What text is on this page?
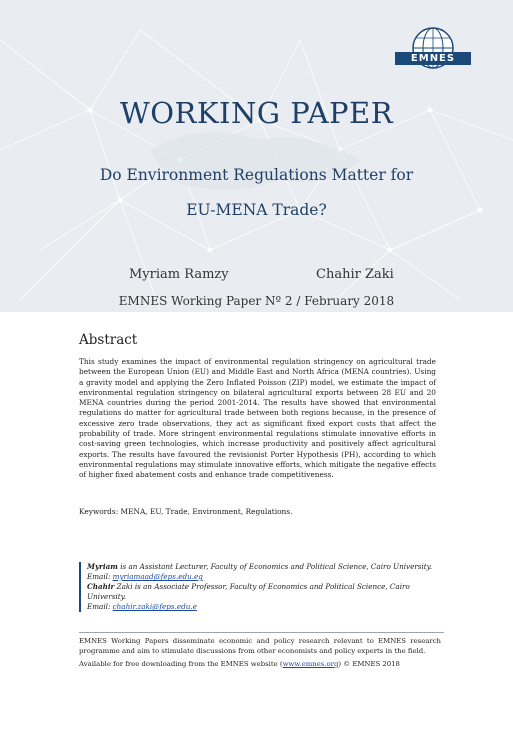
EMNES
WORKING PAPER
Do Environment Regulations Matter for
EU-MENA Trade?
Myriam Ramzy	Chahir Zaki
EMNES Working Paper Nº 2 / February 2018
Abstract
This study examines the impact of environmental regulation stringency on agricultural trade between the European Union (EU) and Middle East and North Africa (MENA countries). Using a gravity model and applying the Zero Inflated Poisson (ZIP) model, we estimate the impact of environmental regulation stringency on bilateral agricultural exports between 28 EU and 20 MENA countries during the period 2001-2014. The results have showed that environmental regulations do matter for agricultural trade between both regions because, in the presence of excessive zero trade observations, they act as significant fixed export costs that affect the probability of trade. More stringent environmental regulations stimulate innovative efforts in cost-saving green technologies, which increase productivity and positively affect agricultural exports. The results have favoured the revisionist Porter Hypothesis (PH), according to which environmental regulations may stimulate innovative efforts, which mitigate the negative effects of higher fixed abatement costs and enhance trade competitiveness.
Keywords: MENA, EU, Trade, Environment, Regulations.
Myriam is an Assistant Lecturer, Faculty of Economics and Political Science, Cairo University.
Email: myriamaad@feps.edu.eg
Chahir Zaki is an Associate Professor, Faculty of Economics and Political Science, Cairo University.
Email: chahir.zaki@feps.edu.e
EMNES Working Papers disseminate economic and policy research relevant to EMNES research programme and aim to stimulate discussions from other economists and policy experts in the field.
Available for free downloading from the EMNES website (www.emnes.org) © EMNES 2018
